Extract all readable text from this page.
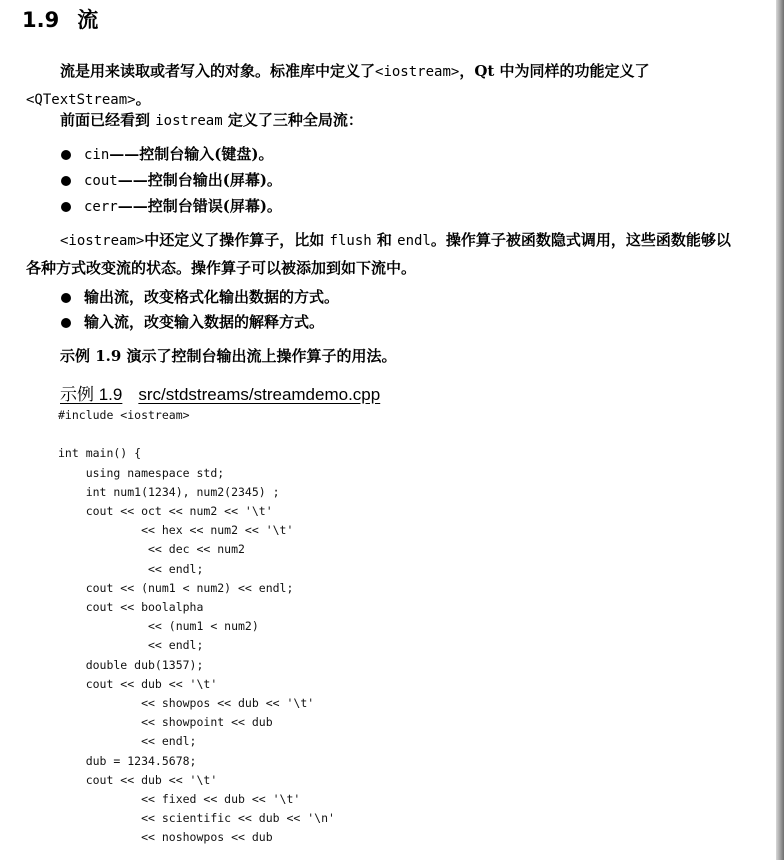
1.9 流
流是用来读取或者写入的对象。标准库中定义了<iostream>，Qt 中为同样的功能定义了<QTextStream>。
前面已经看到 iostream 定义了三种全局流：
cin——控制台输入(键盘)。
cout——控制台输出(屏幕)。
cerr——控制台错误(屏幕)。
<iostream>中还定义了操作算子，比如 flush 和 endl。操作算子被函数隐式调用，这些函数能够以各种方式改变流的状态。操作算子可以被添加到如下流中。
输出流，改变格式化输出数据的方式。
输入流，改变输入数据的解释方式。
示例 1.9 演示了控制台输出流上操作算子的用法。
示例 1.9 src/stdstreams/streamdemo.cpp
#include <iostream>

int main() {
using namespace std;
int num1(1234), num2(2345) ;
cout << oct << num2 << '\t'
<< hex << num2 << '\t'
<< dec << num2
<< endl;
cout << (num1 < num2) << endl;
cout << boolalpha
<< (num1 < num2)
<< endl;
double dub(1357);
cout << dub << '\t'
<< showpos << dub << '\t'
<< showpoint << dub
<< endl;
dub = 1234.5678;
cout << dub << '\t'
<< fixed << dub << '\t'
<< scientific << dub << '\n'
<< noshowpos << dub
